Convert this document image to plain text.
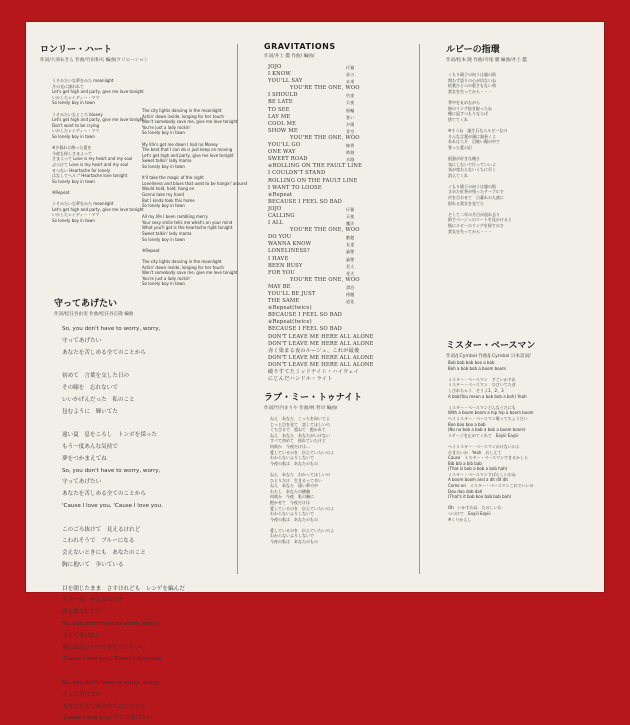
ロンリー・ハート

作詞/大津あきら 作曲/竹田和夫 編曲/クリエーション

うそみたいな夢をみた moonlight
月の光に誘われて
Let's get high and party, give me love tonight
いかしたレイディー・ママ
So lonely boy in town

うそみたいなところ blueey
Let's get high and party, give me love tonight
Don't want to be crying
いかしたレイディー・ママ
So lonely boy in town

※夕暮れに酔った愛を
今夜も探しさまよって
さまよって Love is my heart and my soul
ぶつけて Love is my heart and my soul
せつない Heartache for lonely
はなしてヘルプ Heartache love tonight
So lonely boy in town

※Repeat

うそみたいな夢をみた moonlight
Let's get high and party, give me love tonight
いかしたレイディー・ママ
So lonely boy in town
The city lights dancing in the moonlight
Achin' down inside, longing for her touch
Won't somebody save me, give me love tonight
You're just a lady rockin'
So lonely boy in town

My life's got me down I had no Money
The best that I can do is just keep on moving
Let's get high and party, give me love tonight
Sweet talkin' lady mama
So lonely boy in town

It'll take the magic of the night
Loneliness and blues that used to be hangin' around
Would hold, hold, hang on
Gonna take my hand
But I kinda took this home
So lonely boy in town

All my life I been rambling merry
Your sexy smile tells me what's on your mind
What you'll got is the heartache right tonight
Sweet talkin' lady mama
So lonely boy in town

※Repeat

The city lights dancing in the moonlight
Achin' down inside, longing for her touch
Won't somebody save me, give me love tonight
You're just a lady rockin'
So lonely boy in town
守ってあげたい

作詞/松任谷由実 作曲/松任谷正隆 編曲

So, you don't have to worry, worry,
守ってあげたい
あなたを苦しめる全てのことから

初めて　言葉を交した日の
その瞳を　忘れないで
いいかげんだった　私のこと
包むように　輝いてた

遠い夏　息をころし　トンボを採った
もう一度あんな気持で
夢をつかまえてね
So, you don't have to worry, worry,
守ってあげたい
あなたを苦しめる全てのことから
'Cause I love you, 'Cause I love you.

このごろ抜けて　見えるけれど
こわれそうで　ブルーになる
会えないときにも　あなたのこと
胸に抱いて　歩いている

目を閉じたまま　さすけれども　レンゲを編んだ
もう一度　あんな気持を
夢を取りにして
So, you don't have to worry, worry,
守ってあげたい
他には何ひとつできなくてもいい
'Cause I love you, 'Cause I love you.

So, you don't have to worry, worry,
守ってあげたい
あなたを苦しめる全てのことから
'Cause I love you, 守ってあげたい
GRAVITATIONS

作詞/井上 鑑 作曲/ 編曲/

JOJO	仔猫
I KNOW	星の
YOU'LL SAY	未来
YOU'RE THE ONE, WOO
I SHOULD	約束
BE LATE	天使
TO SEE	指輪
LAY ME	誓い
COOL ME	夕陽
SHOW ME	青空
YOU'RE THE ONE, WOO
YOU'LL GO	線香
ONE WAY	時刻
SWEET ROAD	水路
※ROLLING ON THE FAULT LINE
I COULDN'T STAND
ROLLING ON THE FAULT LINE
I WANT TO LOOSE
※Repeat
BECAUSE I FEEL SO BAD
JOJO	仔猫
CALLING	天使
I ALL	魔法
YOU'RE THE ONE, WOO
DO YOU	勤勉
WANNA KNOW	友達
LONELINESS?	論理
I HAVE	論理
BEEN BUSY	美人
FOR YOU	花火
YOU'RE THE ONE, WOO
MAY BE	漂泊
YOU'LL BE JUST	傍観
THE SAME	道化
※Repeat(twice)
BECAUSE I FEEL SO BAD
※Repeat(twice)
BECAUSE I FEEL SO BAD
DON'T LEAVE ME HERE ALL ALONE
DON'T LEAVE ME HERE ALL ALONE
赤く染まる夜のルージュ、これが最後
DON'T LEAVE ME HERE ALL ALONE
DON'T LEAVE ME HERE ALL ALONE
破りすてたミッドナイト・ハイウェイ
にじんだハンドル・ライト
ラブ・ミー・トゥナイト

作詞/竹内まりや 作曲/林 哲司 編曲/

ねえ　あなた　こっちを向いてよ
じっと目を見て　話してほしいの
くちびるで　重ねて　抱かれて
ねえ　あなた　あなたがいけない
すべて初めて　揺れていたけど
何故か　今夜だけは…
愛しているのを　伝えていたいのよ
わからないふりしないで
今夜の私は　あなたのもの

ねえ　あなた　わかってほしいの
ひとりだけ　生きるって辛い
ねえ　あなた　遠い夢の中
わたし　あなたの横顔
何故か　今夜　私の胸に
抱かせて　今夜だけは
愛しているのを　伝えていたいのよ
わからないふりしないで
今夜の私は　あなたのもの

愛しているのを　伝えていたいのよ
わからないふりしないで
今夜の私は　あなたのもの
ルビーの指環

作詞/松本 隆 作曲/寺尾 聰 編曲/井上 鑑

くもり硝子の向うは風の街
問わず語りの心が切ないね
枯葉ひとつの重さもない命
貴女を失ってから・・・

背中を丸めながら
指のリング抜き取ったね
俺に返すつもりならば
捨ててくれ

※そうね　誕生石ならルビーなの
そんな言葉が頭に渦巻くよ
あれは八月　目眩い陽の中で
誓った愛の幻

孤独が好きな俺さ
気にしないで行っていいよ
気が変わらないうちに早く
消えてくれ

くもり硝子の向うは風の街
さめた紅茶が残ったテーブルで
衿を合わせて　日暮れの人波に
紛れる貴女を見てた

そして二年の月日が流れ去り
街でベージュのコートを見かけると
指にルビーのリングを探すのさ
貴女を失ってから・・・
ミスター・ベースマン

作詞/J.Cymbal 作曲/J.Cymbal 日本語詞/

Bob bob bob boo a bob
Boh a bob bob a boom boom

ミスター・ベースマン　すごいかすれ
ミスター・ベースマン　ひびいてた音
しびれちゃう　そうよ1、2、3
A bob(You mean a bob bob a boh) Yeah

ミスター・ベースマンどんなうたにも
With a boom boom a hip hip a boom boom
ヘイミスター・ベースマン歌ってちょうだい
Boo boo boo a bob
(No no bob a bob a bob a boom boom)
ステージを止めてくれて　Eayiii Eayiii

ヘイミスター・ベースマンかけないのよ
ひきたいか　Yeah　おしえて
Cause　ミスター・ベースマンできるかしら
Bib bib a bib bab
(That is bob a bob a bob hah)
ミスター・ベースマンすばらしいわね
A boom boom and a dit dit dit
Come on　ミスター・ベースマンこれでいいの
Doo doo dab dah
(That's it bab boo bab bab bah)

Oh　いかすわね　たのしいわ
つづけて　Eayiii Eayiii
※くりかえし
